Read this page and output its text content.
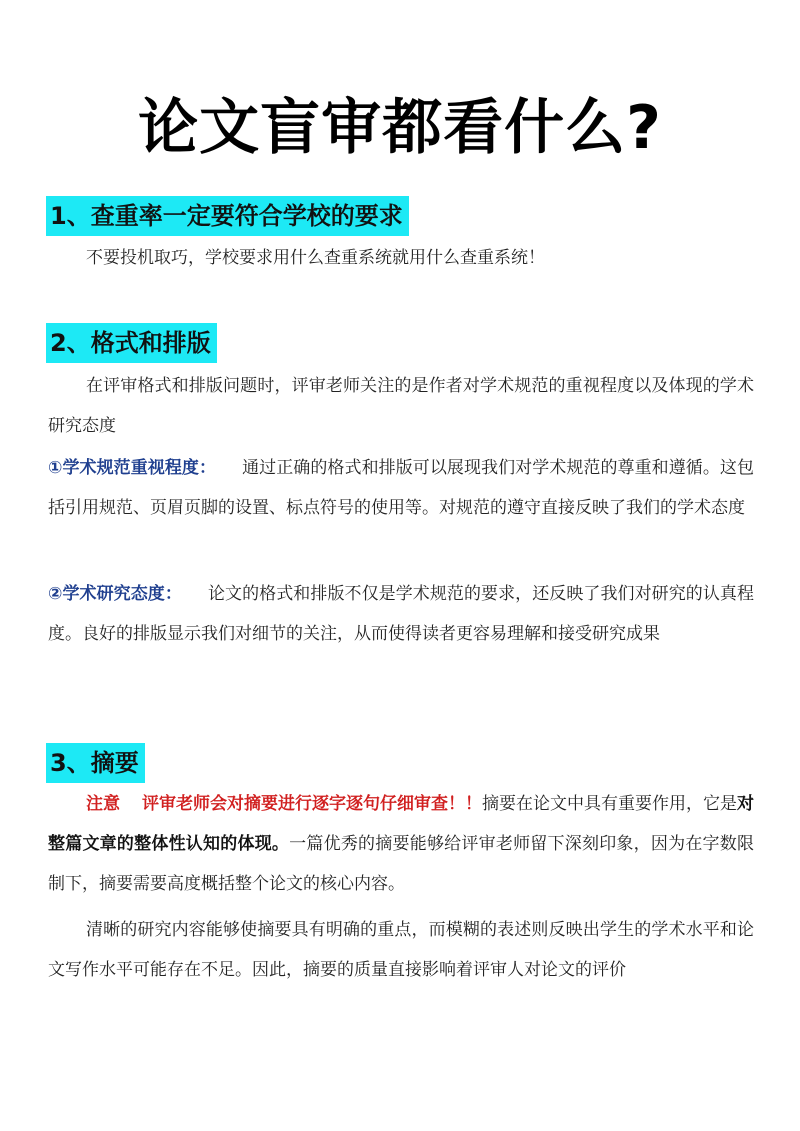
论文盲审都看什么?
1、查重率一定要符合学校的要求
不要投机取巧，学校要求用什么查重系统就用什么查重系统！
2、格式和排版
在评审格式和排版问题时，评审老师关注的是作者对学术规范的重视程度以及体现的学术研究态度
①学术规范重视程度： 通过正确的格式和排版可以展现我们对学术规范的尊重和遵循。这包括引用规范、页眉页脚的设置、标点符号的使用等。对规范的遵守直接反映了我们的学术态度
②学术研究态度： 论文的格式和排版不仅是学术规范的要求，还反映了我们对研究的认真程度。良好的排版显示我们对细节的关注，从而使得读者更容易理解和接受研究成果
3、摘要
注意 评审老师会对摘要进行逐字逐句仔细审查！！摘要在论文中具有重要作用，它是对整篇文章的整体性认知的体现。一篇优秀的摘要能够给评审老师留下深刻印象，因为在字数限制下，摘要需要高度概括整个论文的核心内容。
清晰的研究内容能够使摘要具有明确的重点，而模糊的表述则反映出学生的学术水平和论文写作水平可能存在不足。因此，摘要的质量直接影响着评审人对论文的评价
